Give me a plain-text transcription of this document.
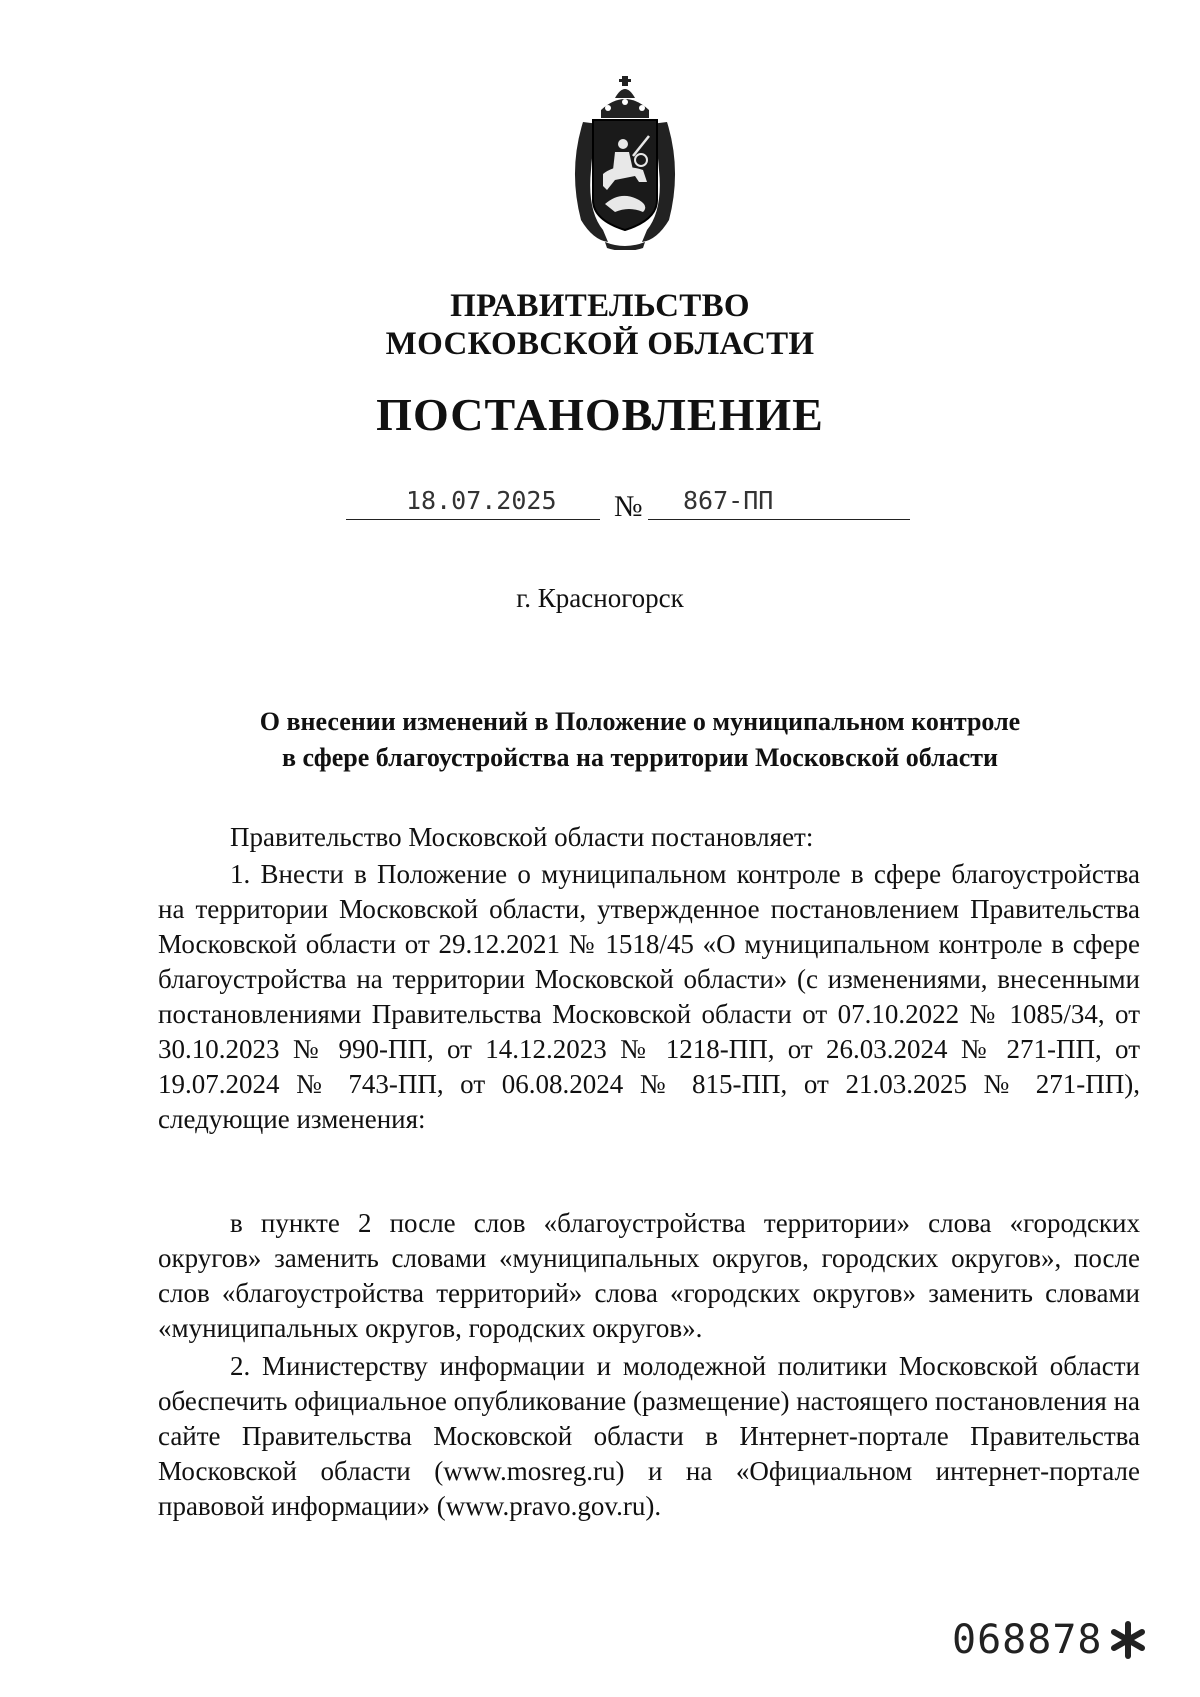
ПРАВИТЕЛЬСТВО
МОСКОВСКОЙ ОБЛАСТИ
ПОСТАНОВЛЕНИЕ
18.07.2025 № 867-ПП
г. Красногорск
О внесении изменений в Положение о муниципальном контроле
в сфере благоустройства на территории Московской области
Правительство Московской области постановляет:
1. Внести в Положение о муниципальном контроле в сфере благоустройства на территории Московской области, утвержденное постановлением Правительства Московской области от 29.12.2021 № 1518/45 «О муниципальном контроле в сфере благоустройства на территории Московской области» (с изменениями, внесенными постановлениями Правительства Московской области от 07.10.2022 № 1085/34, от 30.10.2023 № 990-ПП, от 14.12.2023 № 1218-ПП, от 26.03.2024 № 271-ПП, от 19.07.2024 № 743-ПП, от 06.08.2024 № 815-ПП, от 21.03.2025 № 271-ПП), следующие изменения:
в пункте 2 после слов «благоустройства территории» слова «городских округов» заменить словами «муниципальных округов, городских округов», после слов «благоустройства территорий» слова «городских округов» заменить словами «муниципальных округов, городских округов».
2. Министерству информации и молодежной политики Московской области обеспечить официальное опубликование (размещение) настоящего постановления на сайте Правительства Московской области в Интернет-портале Правительства Московской области (www.mosreg.ru) и на «Официальном интернет-портале правовой информации» (www.pravo.gov.ru).
068878
